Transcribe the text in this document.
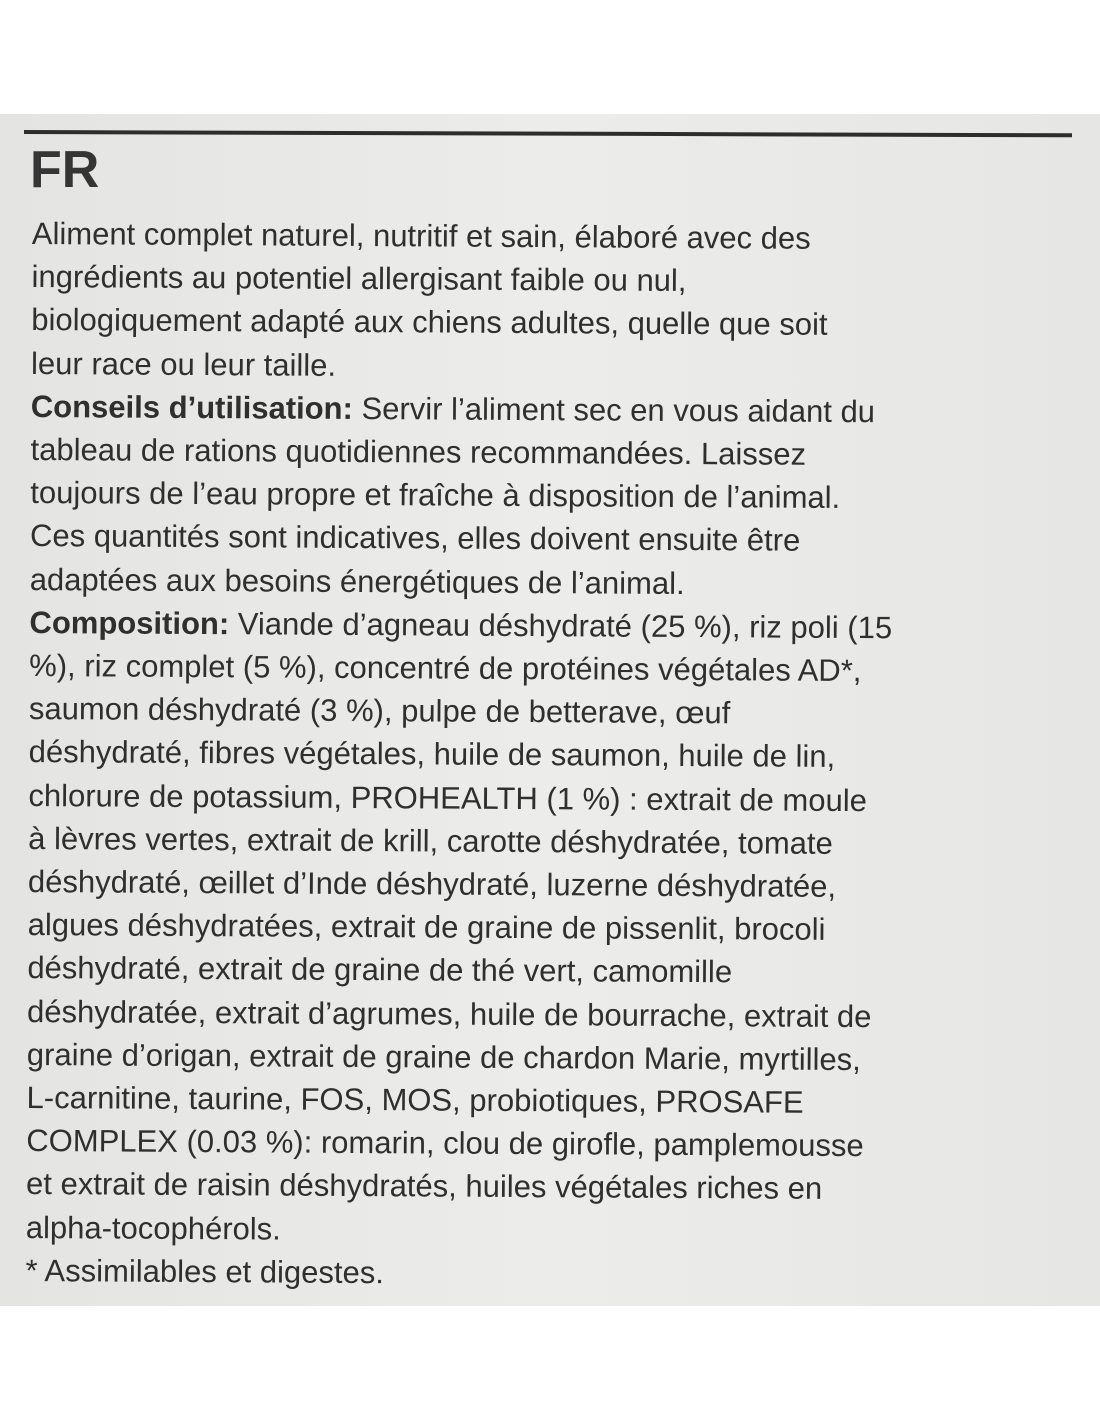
FR
Aliment complet naturel, nutritif et sain, élaboré avec des
ingrédients au potentiel allergisant faible ou nul,
biologiquement adapté aux chiens adultes, quelle que soit
leur race ou leur taille.
Conseils d’utilisation: Servir l’aliment sec en vous aidant du
tableau de rations quotidiennes recommandées. Laissez
toujours de l’eau propre et fraîche à disposition de l’animal.
Ces quantités sont indicatives, elles doivent ensuite être
adaptées aux besoins énergétiques de l’animal.
Composition: Viande d’agneau déshydraté (25 %), riz poli (15
%), riz complet (5 %), concentré de protéines végétales AD*,
saumon déshydraté (3 %), pulpe de betterave, œuf
déshydraté, fibres végétales, huile de saumon, huile de lin,
chlorure de potassium, PROHEALTH (1 %) : extrait de moule
à lèvres vertes, extrait de krill, carotte déshydratée, tomate
déshydraté, œillet d’Inde déshydraté, luzerne déshydratée,
algues déshydratées, extrait de graine de pissenlit, brocoli
déshydraté, extrait de graine de thé vert, camomille
déshydratée, extrait d’agrumes, huile de bourrache, extrait de
graine d’origan, extrait de graine de chardon Marie, myrtilles,
L-carnitine, taurine, FOS, MOS, probiotiques, PROSAFE
COMPLEX (0.03 %): romarin, clou de girofle, pamplemousse
et extrait de raisin déshydratés, huiles végétales riches en
alpha-tocophérols.
* Assimilables et digestes.
